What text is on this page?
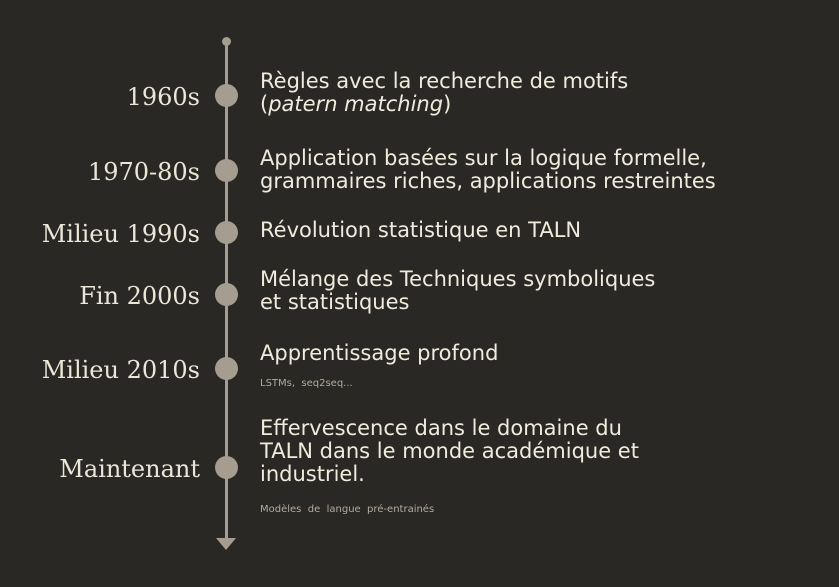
1960s
Règles avec la recherche de motifs
(patern matching)
1970-80s	Application basées sur la logique formelle,
grammaires riches, applications restreintes
Milieu 1990s	Révolution statistique en TALN
Fin 2000s
Mélange des Techniques symboliques
et statistiques
Milieu 2010s
Apprentissage profond
LSTMs,  seq2seq...
Maintenant
Effervescence dans le domaine du
TALN dans le monde académique et
industriel.
Modèles  de  langue  pré-entrainés
